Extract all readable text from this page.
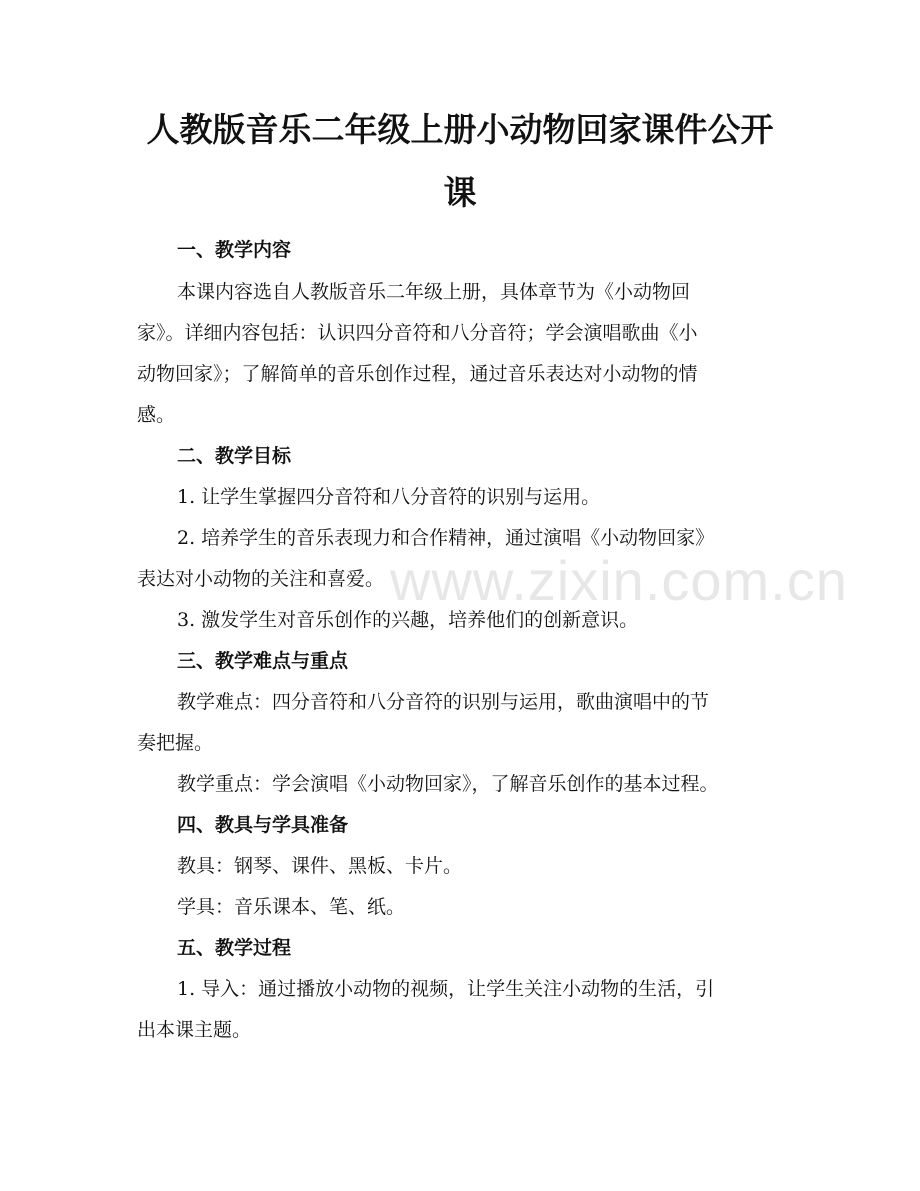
www.zixin.com.cn
人教版音乐二年级上册小动物回家课件公开
课
一、教学内容
本课内容选自人教版音乐二年级上册，具体章节为《小动物回
家》。详细内容包括：认识四分音符和八分音符；学会演唱歌曲《小
动物回家》；了解简单的音乐创作过程，通过音乐表达对小动物的情
感。
二、教学目标
1. 让学生掌握四分音符和八分音符的识别与运用。
2. 培养学生的音乐表现力和合作精神，通过演唱《小动物回家》
表达对小动物的关注和喜爱。
3. 激发学生对音乐创作的兴趣，培养他们的创新意识。
三、教学难点与重点
教学难点：四分音符和八分音符的识别与运用，歌曲演唱中的节
奏把握。
教学重点：学会演唱《小动物回家》，了解音乐创作的基本过程。
四、教具与学具准备
教具：钢琴、课件、黑板、卡片。
学具：音乐课本、笔、纸。
五、教学过程
1. 导入：通过播放小动物的视频，让学生关注小动物的生活，引
出本课主题。
